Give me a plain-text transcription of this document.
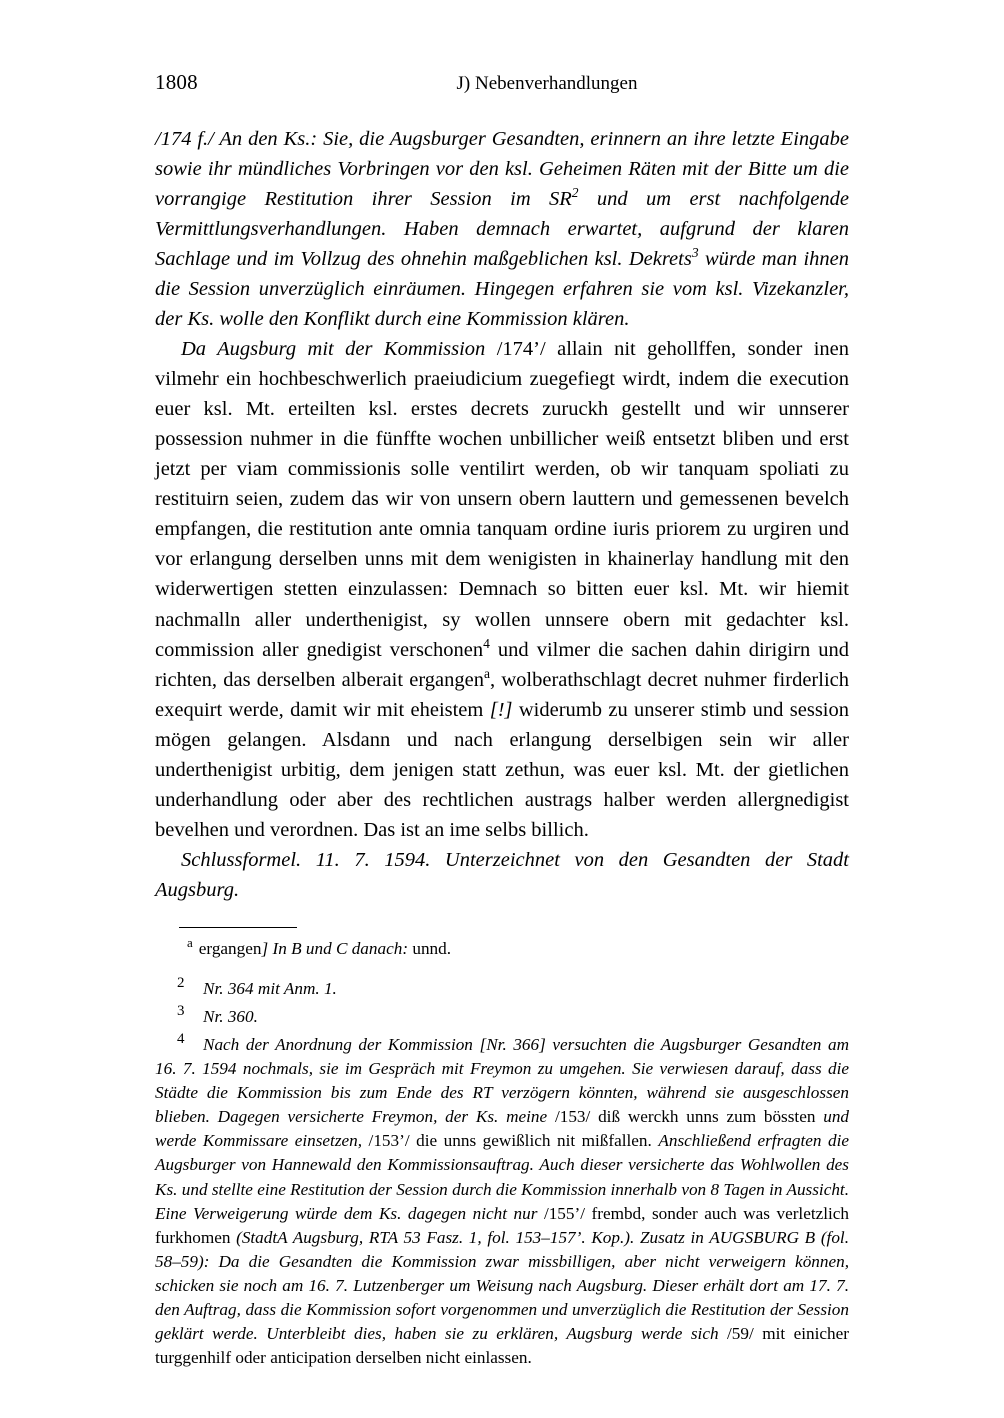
1808	J) Nebenverhandlungen

/174 f./ An den Ks.: Sie, die Augsburger Gesandten, erinnern an ihre letzte Eingabe sowie ihr mündliches Vorbringen vor den ksl. Geheimen Räten mit der Bitte um die vorrangige Restitution ihrer Session im $SR^2$ und um erst nachfolgende Vermittlungsverhandlungen. Haben demnach erwartet, aufgrund der klaren Sachlage und im Vollzug des ohnehin maßgeblichen ksl. Dekrets$^3$ würde man ihnen die Session unverzüglich einräumen. Hingegen erfahren sie vom ksl. Vizekanzler, der Ks. wolle den Konflikt durch eine Kommission klären.

Da Augsburg mit der Kommission /174’/ allain nit gehollffen, sonder inen vilmehr ein hochbeschwerlich praeiudicium zuegefiegt wirdt, indem die execution euer ksl. Mt. erteilten ksl. erstes decrets zuruckh gestellt und wir unnserer possession nuhmer in die fünffte wochen unbillicher weiß entsetzt bliben und erst jetzt per viam commissionis solle ventilirt werden, ob wir tanquam spoliati zu restituirn seien, zudem das wir von unsern obern lauttern und gemessenen bevelch empfangen, die restitution ante omnia tanquam ordine iuris priorem zu urgiren und vor erlangung derselben unns mit dem wenigisten in khainerlay handlung mit den widerwertigen stetten einzulassen: Demnach so bitten euer ksl. Mt. wir hiemit nachmalln aller underthenigist, sy wollen unnsere obern mit gedachter ksl. commission aller gnedigist verschonen$^4$ und vilmer die sachen dahin dirigirn und richten, das derselben alberait ergangen$^a$, wolberathschlagt decret nuhmer firderlich exequirt werde, damit wir mit eheistem [!] widerumb zu unserer stimb und session mögen gelangen. Alsdann und nach erlangung derselbigen sein wir aller underthenigist urbitig, dem jenigen statt zethun, was euer ksl. Mt. der gietlichen underhandlung oder aber des rechtlichen austrags halber werden allergnedigist bevelhen und verordnen. Das ist an ime selbs billich.

Schlussformel. 11. 7. 1594. Unterzeichnet von den Gesandten der Stadt Augsburg.

$^a$ ergangen] In B und C danach: unnd.

2 Nr. 364 mit Anm. 1.

3 Nr. 360.

4 Nach der Anordnung der Kommission [Nr. 366] versuchten die Augsburger Gesandten am 16. 7. 1594 nochmals, sie im Gespräch mit Freymon zu umgehen. Sie verwiesen darauf, dass die Städte die Kommission bis zum Ende des RT verzögern könnten, während sie ausgeschlossen blieben. Dagegen versicherte Freymon, der Ks. meine /153/ diß werckh unns zum bössten und werde Kommissare einsetzen, /153’/ die unns gewißlich nit mißfallen. Anschließend erfragten die Augsburger von Hannewald den Kommissionsauftrag. Auch dieser versicherte das Wohlwollen des Ks. und stellte eine Restitution der Session durch die Kommission innerhalb von 8 Tagen in Aussicht. Eine Verweigerung würde dem Ks. dagegen nicht nur /155’/ frembd, sonder auch was verletzlich furkhomen (StadtA Augsburg, RTA 53 Fasz. 1, fol. 153–157’. Kop.). Zusatz in AUGSBURG B (fol. 58–59): Da die Gesandten die Kommission zwar missbilligen, aber nicht verweigern können, schicken sie noch am 16. 7. Lutzenberger um Weisung nach Augsburg. Dieser erhält dort am 17. 7. den Auftrag, dass die Kommission sofort vorgenommen und unverzüglich die Restitution der Session geklärt werde. Unterbleibt dies, haben sie zu erklären, Augsburg werde sich /59/ mit einicher turggenhilf oder anticipation derselben nicht einlassen.
